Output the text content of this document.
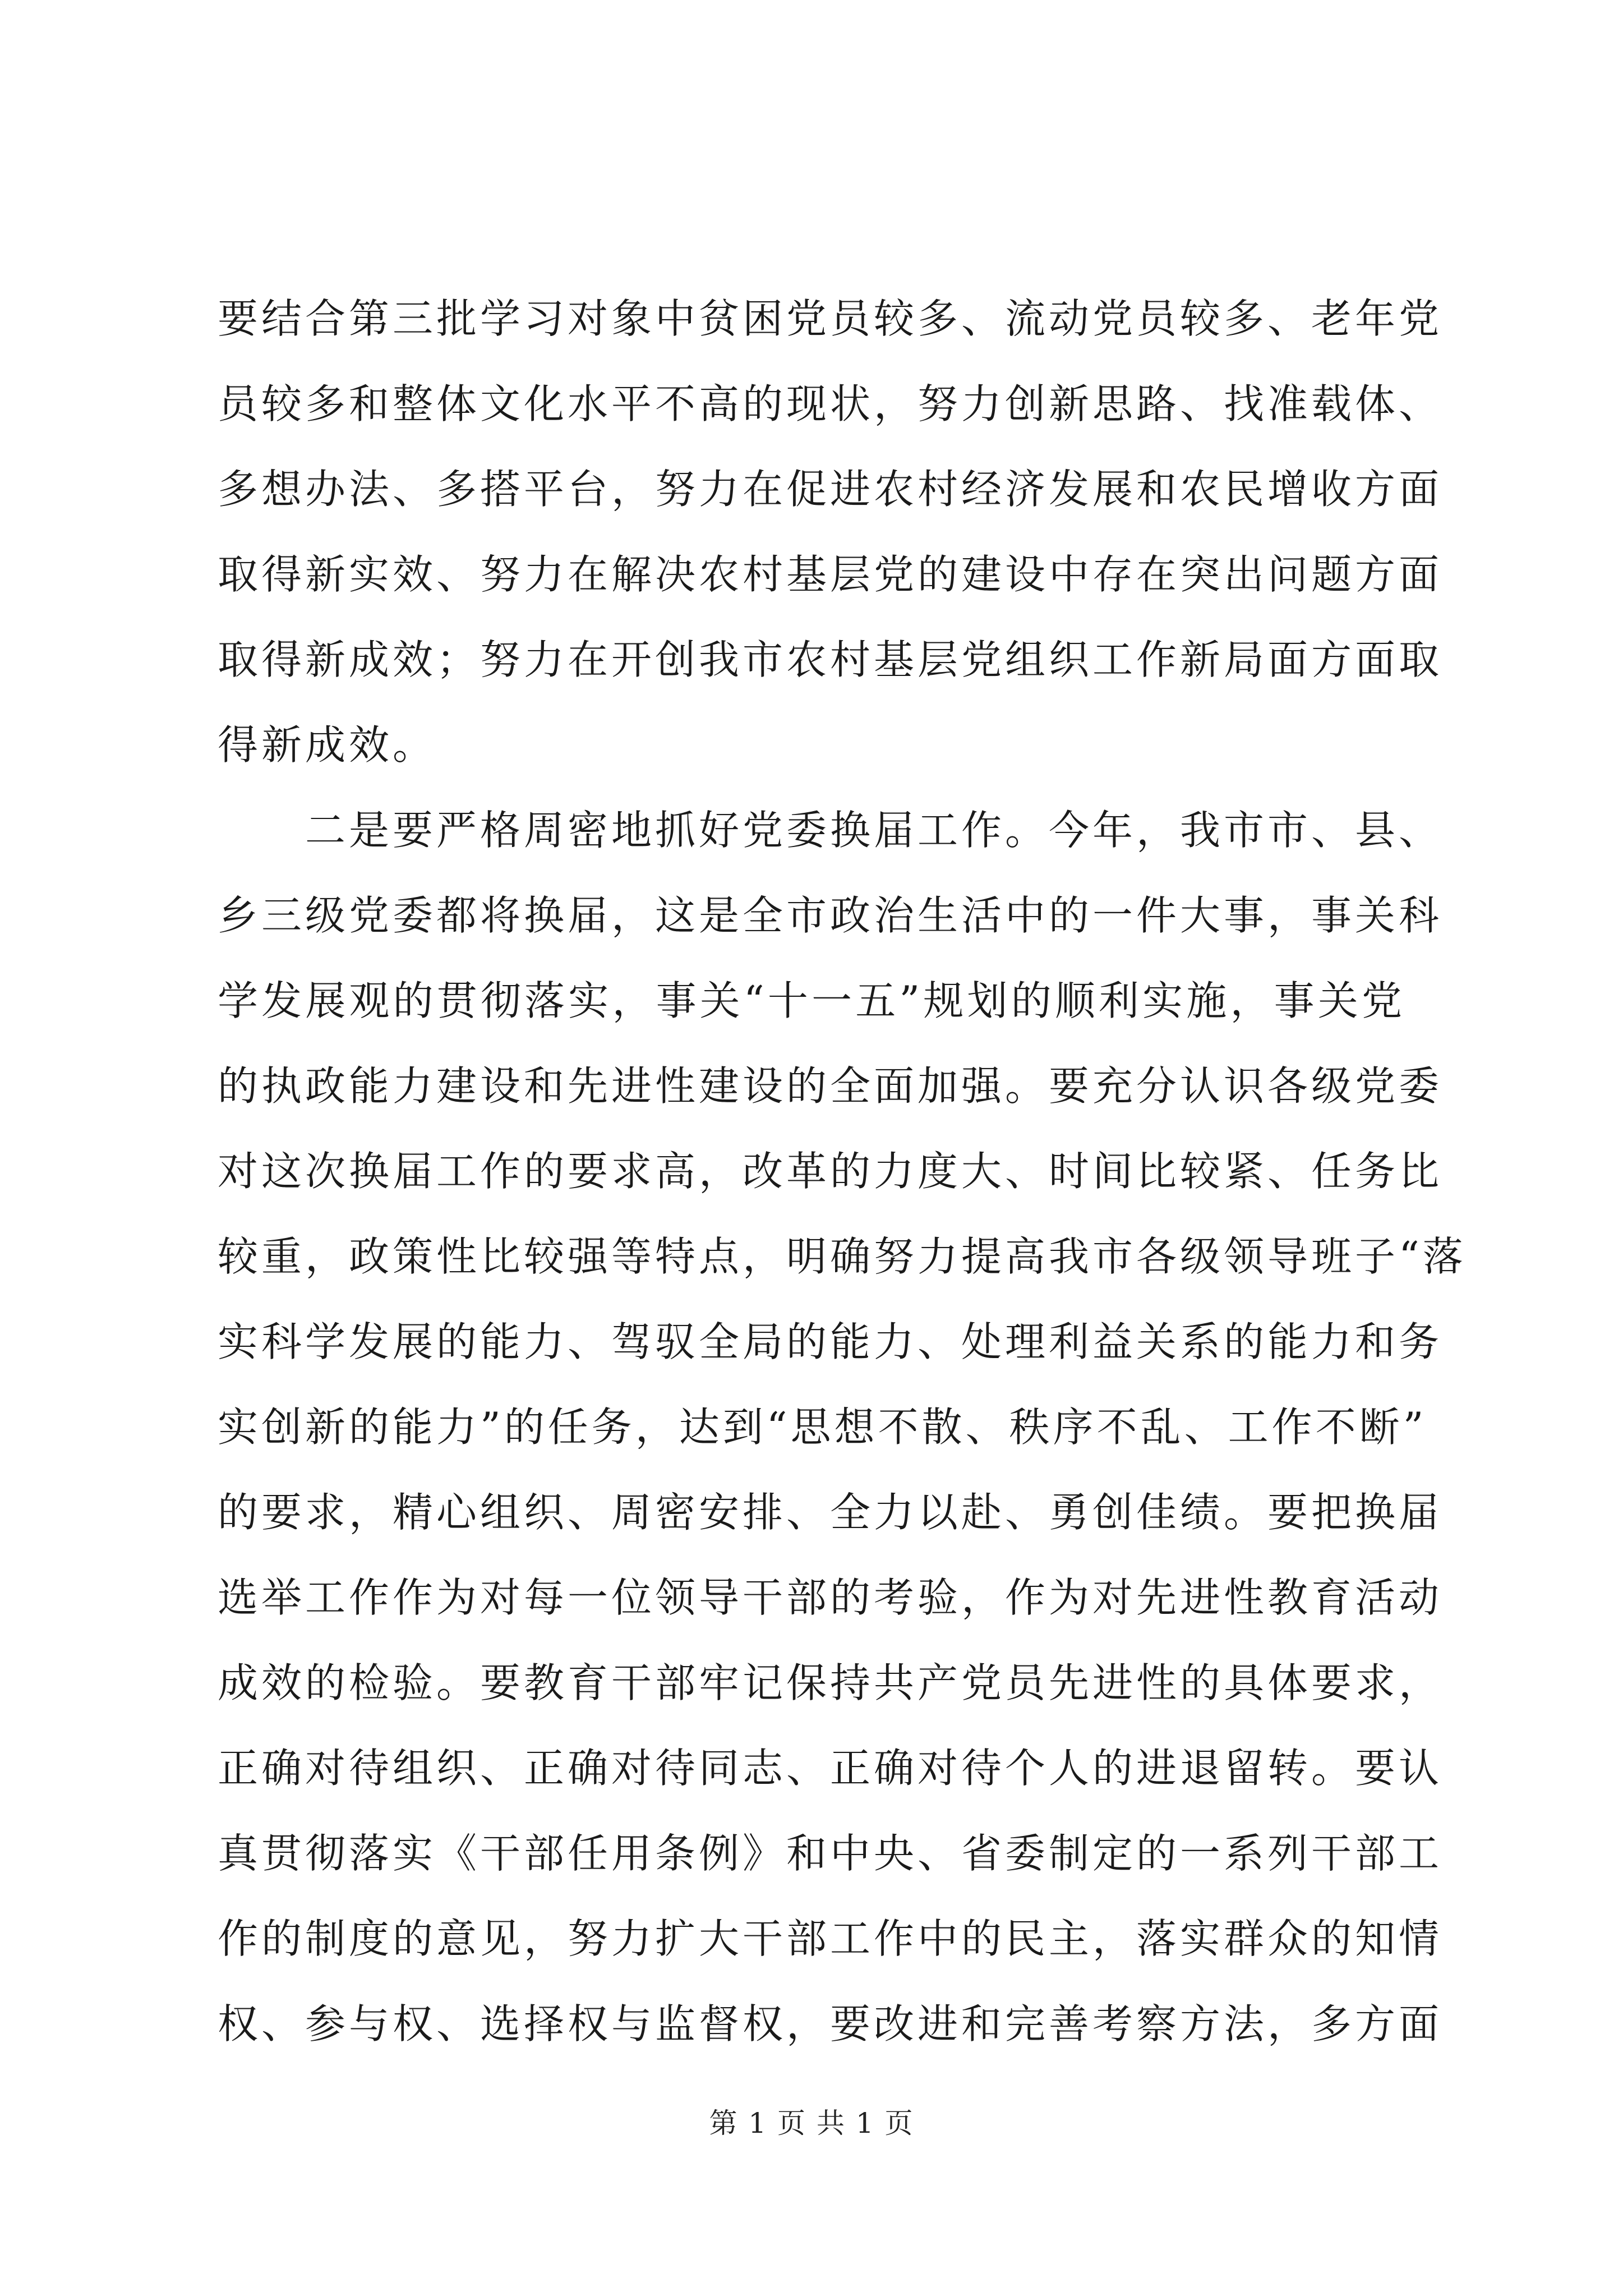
要结合第三批学习对象中贫困党员较多、流动党员较多、老年党
员较多和整体文化水平不高的现状，努力创新思路、找准载体、
多想办法、多搭平台，努力在促进农村经济发展和农民增收方面
取得新实效、努力在解决农村基层党的建设中存在突出问题方面
取得新成效；努力在开创我市农村基层党组织工作新局面方面取
得新成效。
　　二是要严格周密地抓好党委换届工作。今年，我市市、县、
乡三级党委都将换届，这是全市政治生活中的一件大事，事关科
学发展观的贯彻落实，事关“十一五”规划的顺利实施，事关党
的执政能力建设和先进性建设的全面加强。要充分认识各级党委
对这次换届工作的要求高，改革的力度大、时间比较紧、任务比
较重，政策性比较强等特点，明确努力提高我市各级领导班子“落
实科学发展的能力、驾驭全局的能力、处理利益关系的能力和务
实创新的能力”的任务，达到“思想不散、秩序不乱、工作不断”
的要求，精心组织、周密安排、全力以赴、勇创佳绩。要把换届
选举工作作为对每一位领导干部的考验，作为对先进性教育活动
成效的检验。要教育干部牢记保持共产党员先进性的具体要求，
正确对待组织、正确对待同志、正确对待个人的进退留转。要认
真贯彻落实《干部任用条例》和中央、省委制定的一系列干部工
作的制度的意见，努力扩大干部工作中的民主，落实群众的知情
权、参与权、选择权与监督权，要改进和完善考察方法，多方面
第 1 页 共 1 页
